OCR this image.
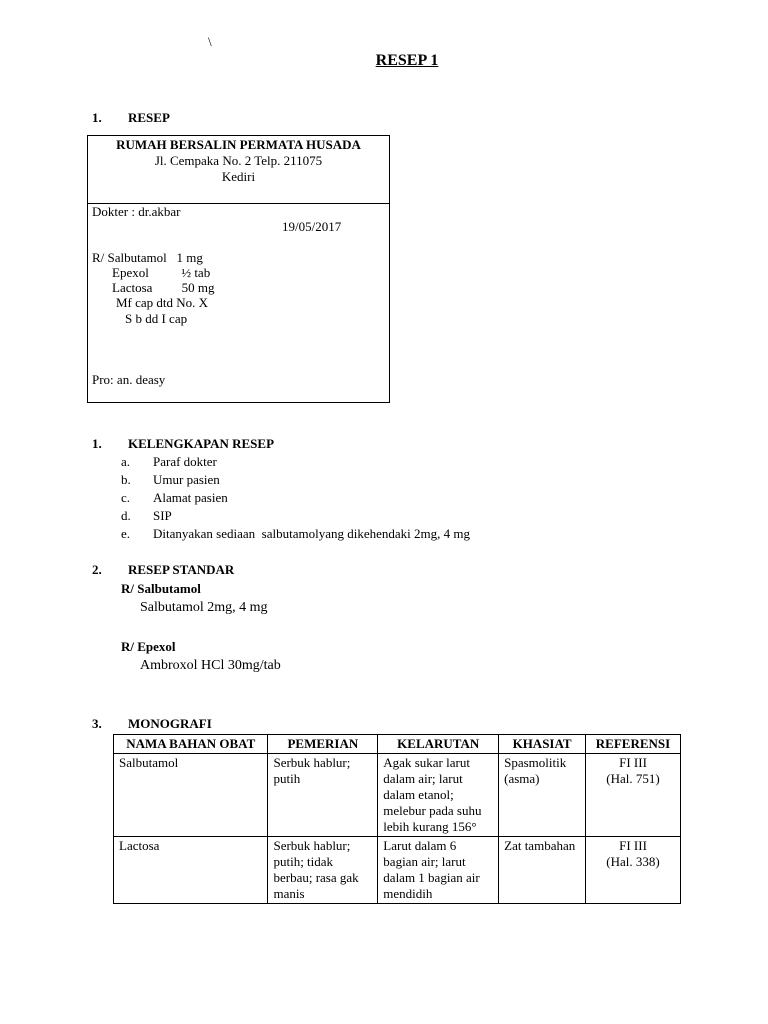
\
RESEP 1
1. RESEP
RUMAH BERSALIN PERMATA HUSADA
Jl. Cempaka No. 2 Telp. 211075
Kediri
Dokter : dr.akbar
19/05/2017
R/ Salbutamol   1 mg
Epexol          ½ tab
Lactosa         50 mg
Mf cap dtd No. X
S b dd I cap
Pro: an. deasy
1. KELENGKAPAN RESEP
a. Paraf dokter
b. Umur pasien
c. Alamat pasien
d. SIP
e. Ditanyakan sediaan  salbutamolyang dikehendaki 2mg, 4 mg
2. RESEP STANDAR
R/ Salbutamol
Salbutamol 2mg, 4 mg
R/ Epexol
Ambroxol HCl 30mg/tab
3. MONOGRAFI
NAMA BAHAN OBAT	PEMERIAN	KELARUTAN	KHASIAT	REFERENSI
Salbutamol	Serbuk hablur; putih	Agak sukar larut dalam air; larut dalam etanol; melebur pada suhu lebih kurang 156°	Spasmolitik (asma)	FI III
(Hal. 751)

Lactosa	Serbuk hablur; putih; tidak berbau; rasa gak manis	Larut dalam 6 bagian air; larut dalam 1 bagian air mendidih	Zat tambahan	FI III
(Hal. 338)
